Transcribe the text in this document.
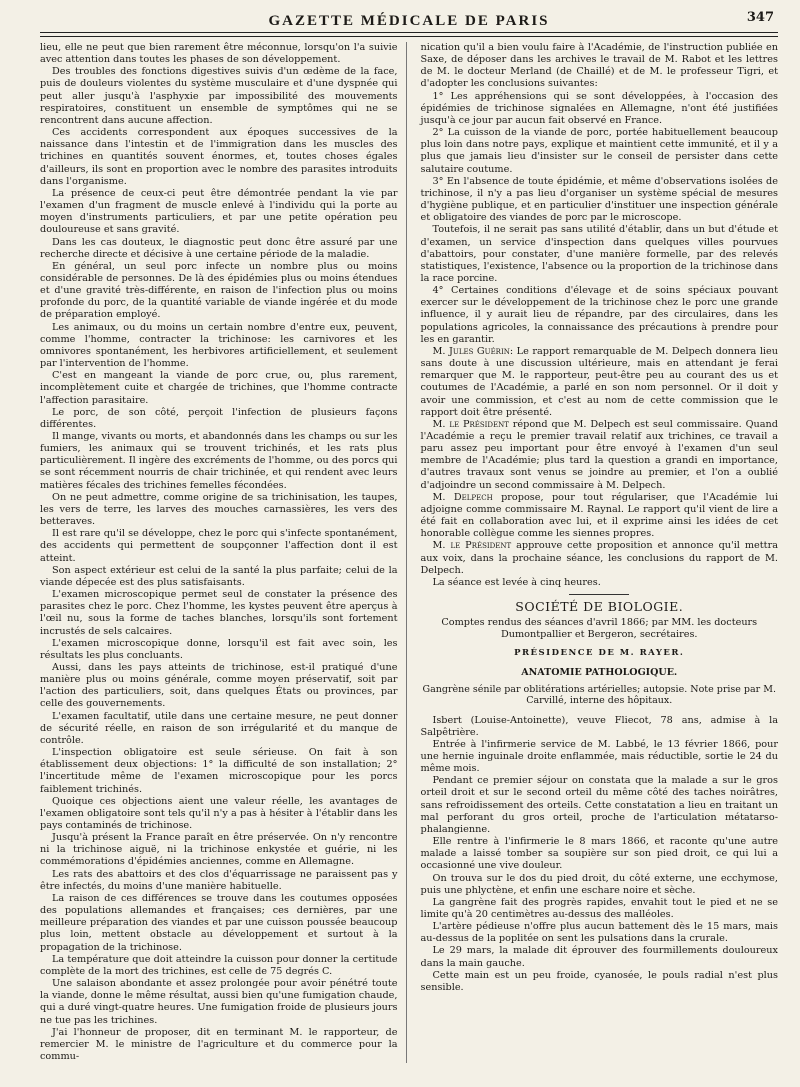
GAZETTE MÉDICALE DE PARIS	347

lieu, elle ne peut que bien rarement être méconnue, lorsqu'on l'a suivie avec attention dans toutes les phases de son développement.

Des troubles des fonctions digestives suivis d'un œdème de la face, puis de douleurs violentes du système musculaire et d'une dyspnée qui peut aller jusqu'à l'asphyxie par impossibilité des mouvements respiratoires, constituent un ensemble de symptômes qui ne se rencontrent dans aucune affection.

Ces accidents correspondent aux époques successives de la naissance dans l'intestin et de l'immigration dans les muscles des trichines en quantités souvent énormes, et, toutes choses égales d'ailleurs, ils sont en proportion avec le nombre des parasites introduits dans l'organisme.

La présence de ceux-ci peut être démontrée pendant la vie par l'examen d'un fragment de muscle enlevé à l'individu qui la porte au moyen d'instruments particuliers, et par une petite opération peu douloureuse et sans gravité.

Dans les cas douteux, le diagnostic peut donc être assuré par une recherche directe et décisive à une certaine période de la maladie.

En général, un seul porc infecte un nombre plus ou moins considérable de personnes. De là des épidémies plus ou moins étendues et d'une gravité très-différente, en raison de l'infection plus ou moins profonde du porc, de la quantité variable de viande ingérée et du mode de préparation employé.

Les animaux, ou du moins un certain nombre d'entre eux, peuvent, comme l'homme, contracter la trichinose: les carnivores et les omnivores spontanément, les herbivores artificiellement, et seulement par l'intervention de l'homme.

C'est en mangeant la viande de porc crue, ou, plus rarement, incomplètement cuite et chargée de trichines, que l'homme contracte l'affection parasitaire.

Le porc, de son côté, perçoit l'infection de plusieurs façons différentes.

Il mange, vivants ou morts, et abandonnés dans les champs ou sur les fumiers, les animaux qui se trouvent trichinés, et les rats plus particulièrement. Il ingère des excréments de l'homme, ou des porcs qui se sont récemment nourris de chair trichinée, et qui rendent avec leurs matières fécales des trichines femelles fécondées.

On ne peut admettre, comme origine de sa trichinisation, les taupes, les vers de terre, les larves des mouches carnassières, les vers des betteraves.

Il est rare qu'il se développe, chez le porc qui s'infecte spontanément, des accidents qui permettent de soupçonner l'affection dont il est atteint.

Son aspect extérieur est celui de la santé la plus parfaite; celui de la viande dépecée est des plus satisfaisants.

L'examen microscopique permet seul de constater la présence des parasites chez le porc. Chez l'homme, les kystes peuvent être aperçus à l'œil nu, sous la forme de taches blanches, lorsqu'ils sont fortement incrustés de sels calcaires.

L'examen microscopique donne, lorsqu'il est fait avec soin, les résultats les plus concluants.

Aussi, dans les pays atteints de trichinose, est-il pratiqué d'une manière plus ou moins générale, comme moyen préservatif, soit par l'action des particuliers, soit, dans quelques États ou provinces, par celle des gouvernements.

L'examen facultatif, utile dans une certaine mesure, ne peut donner de sécurité réelle, en raison de son irrégularité et du manque de contrôle.

L'inspection obligatoire est seule sérieuse. On fait à son établissement deux objections: 1° la difficulté de son installation; 2° l'incertitude même de l'examen microscopique pour les porcs faiblement trichinés.

Quoique ces objections aient une valeur réelle, les avantages de l'examen obligatoire sont tels qu'il n'y a pas à hésiter à l'établir dans les pays contaminés de trichinose.

Jusqu'à présent la France paraît en être préservée. On n'y rencontre ni la trichinose aiguë, ni la trichinose enkystée et guérie, ni les commémorations d'épidémies anciennes, comme en Allemagne.

Les rats des abattoirs et des clos d'équarrissage ne paraissent pas y être infectés, du moins d'une manière habituelle.

La raison de ces différences se trouve dans les coutumes opposées des populations allemandes et françaises; ces dernières, par une meilleure préparation des viandes et par une cuisson poussée beaucoup plus loin, mettent obstacle au développement et surtout à la propagation de la trichinose.

La température que doit atteindre la cuisson pour donner la certitude complète de la mort des trichines, est celle de 75 degrés C.

Une salaison abondante et assez prolongée pour avoir pénétré toute la viande, donne le même résultat, aussi bien qu'une fumigation chaude, qui a duré vingt-quatre heures. Une fumigation froide de plusieurs jours ne tue pas les trichines.

J'ai l'honneur de proposer, dit en terminant M. le rapporteur, de remercier M. le ministre de l'agriculture et du commerce pour la commu-

nication qu'il a bien voulu faire à l'Académie, de l'instruction publiée en Saxe, de déposer dans les archives le travail de M. Rabot et les lettres de M. le docteur Merland (de Chaillé) et de M. le professeur Tigri, et d'adopter les conclusions suivantes:

1° Les appréhensions qui se sont développées, à l'occasion des épidémies de trichinose signalées en Allemagne, n'ont été justifiées jusqu'à ce jour par aucun fait observé en France.

2° La cuisson de la viande de porc, portée habituellement beaucoup plus loin dans notre pays, explique et maintient cette immunité, et il y a plus que jamais lieu d'insister sur le conseil de persister dans cette salutaire coutume.

3° En l'absence de toute épidémie, et même d'observations isolées de trichinose, il n'y a pas lieu d'organiser un système spécial de mesures d'hygiène publique, et en particulier d'instituer une inspection générale et obligatoire des viandes de porc par le microscope.

Toutefois, il ne serait pas sans utilité d'établir, dans un but d'étude et d'examen, un service d'inspection dans quelques villes pourvues d'abattoirs, pour constater, d'une manière formelle, par des relevés statistiques, l'existence, l'absence ou la proportion de la trichinose dans la race porcine.

4° Certaines conditions d'élevage et de soins spéciaux pouvant exercer sur le développement de la trichinose chez le porc une grande influence, il y aurait lieu de répandre, par des circulaires, dans les populations agricoles, la connaissance des précautions à prendre pour les en garantir.

M. Jules Guérin: Le rapport remarquable de M. Delpech donnera lieu sans doute à une discussion ultérieure, mais en attendant je ferai remarquer que M. le rapporteur, peut-être peu au courant des us et coutumes de l'Académie, a parlé en son nom personnel. Or il doit y avoir une commission, et c'est au nom de cette commission que le rapport doit être présenté.

M. le Président répond que M. Delpech est seul commissaire. Quand l'Académie a reçu le premier travail relatif aux trichines, ce travail a paru assez peu important pour être envoyé à l'examen d'un seul membre de l'Académie; plus tard la question a grandi en importance, d'autres travaux sont venus se joindre au premier, et l'on a oublié d'adjoindre un second commissaire à M. Delpech.

M. Delpech propose, pour tout régulariser, que l'Académie lui adjoigne comme commissaire M. Raynal. Le rapport qu'il vient de lire a été fait en collaboration avec lui, et il exprime ainsi les idées de cet honorable collègue comme les siennes propres.

M. le Président approuve cette proposition et annonce qu'il mettra aux voix, dans la prochaine séance, les conclusions du rapport de M. Delpech.

La séance est levée à cinq heures.

SOCIÉTÉ DE BIOLOGIE.
Comptes rendus des séances d'avril 1866; par MM. les docteurs Dumontpallier et Bergeron, secrétaires.
PRÉSIDENCE DE M. RAYER.
ANATOMIE PATHOLOGIQUE.
Gangrène sénile par oblitérations artérielles; autopsie. Note prise par M. Carvillé, interne des hôpitaux.

Isbert (Louise-Antoinette), veuve Fliecot, 78 ans, admise à la Salpêtrière.

Entrée à l'infirmerie service de M. Labbé, le 13 février 1866, pour une hernie inguinale droite enflammée, mais réductible, sortie le 24 du même mois.

Pendant ce premier séjour on constata que la malade a sur le gros orteil droit et sur le second orteil du même côté des taches noirâtres, sans refroidissement des orteils. Cette constatation a lieu en traitant un mal perforant du gros orteil, proche de l'articulation métatarso-phalangienne.

Elle rentre à l'infirmerie le 8 mars 1866, et raconte qu'une autre malade a laissé tomber sa soupière sur son pied droit, ce qui lui a occasionné une vive douleur.

On trouva sur le dos du pied droit, du côté externe, une ecchymose, puis une phlyctène, et enfin une eschare noire et sèche.

La gangrène fait des progrès rapides, envahit tout le pied et ne se limite qu'à 20 centimètres au-dessus des malléoles.

L'artère pédieuse n'offre plus aucun battement dès le 15 mars, mais au-dessus de la poplitée on sent les pulsations dans la crurale.

Le 29 mars, la malade dit éprouver des fourmillements douloureux dans la main gauche.

Cette main est un peu froide, cyanosée, le pouls radial n'est plus sensible.
